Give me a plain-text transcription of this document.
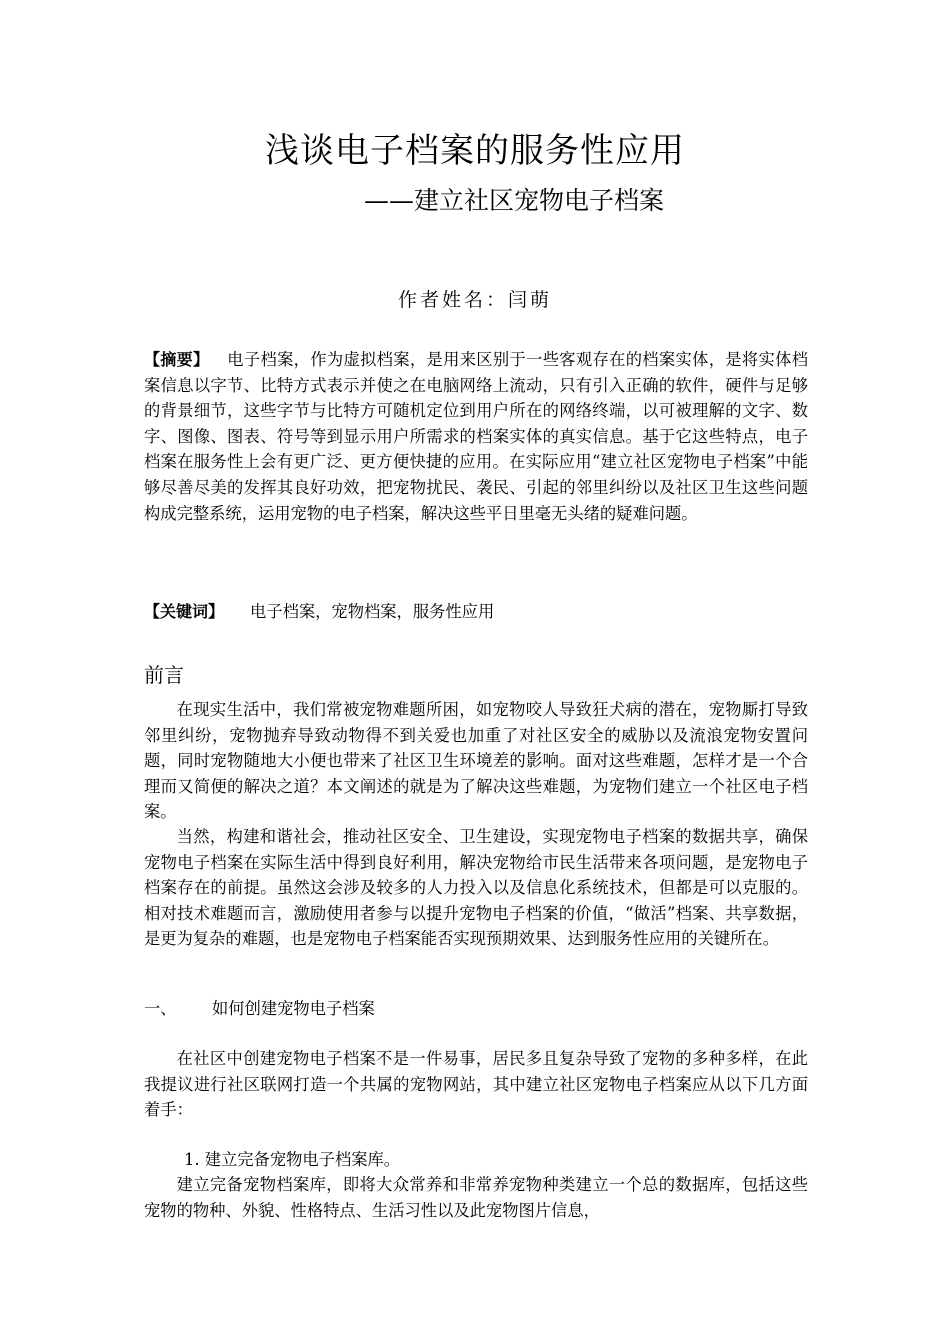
浅谈电子档案的服务性应用
——建立社区宠物电子档案
作者姓名：闫萌

【摘要】 电子档案，作为虚拟档案，是用来区别于一些客观存在的档案实体，是将实体档案信息以字节、比特方式表示并使之在电脑网络上流动，只有引入正确的软件，硬件与足够的背景细节，这些字节与比特方可随机定位到用户所在的网络终端，以可被理解的文字、数字、图像、图表、符号等到显示用户所需求的档案实体的真实信息。基于它这些特点，电子档案在服务性上会有更广泛、更方便快捷的应用。在实际应用“建立社区宠物电子档案”中能够尽善尽美的发挥其良好功效，把宠物扰民、袭民、引起的邻里纠纷以及社区卫生这些问题构成完整系统，运用宠物的电子档案，解决这些平日里毫无头绪的疑难问题。

【关键词】 电子档案，宠物档案，服务性应用

前言

在现实生活中，我们常被宠物难题所困，如宠物咬人导致狂犬病的潜在，宠物厮打导致邻里纠纷，宠物抛弃导致动物得不到关爱也加重了对社区安全的威胁以及流浪宠物安置问题，同时宠物随地大小便也带来了社区卫生环境差的影响。面对这些难题，怎样才是一个合理而又简便的解决之道？本文阐述的就是为了解决这些难题，为宠物们建立一个社区电子档案。

当然，构建和谐社会，推动社区安全、卫生建设，实现宠物电子档案的数据共享，确保宠物电子档案在实际生活中得到良好利用，解决宠物给市民生活带来各项问题，是宠物电子档案存在的前提。虽然这会涉及较多的人力投入以及信息化系统技术，但都是可以克服的。相对技术难题而言，激励使用者参与以提升宠物电子档案的价值，“做活”档案、共享数据，是更为复杂的难题，也是宠物电子档案能否实现预期效果、达到服务性应用的关键所在。

一、 如何创建宠物电子档案

在社区中创建宠物电子档案不是一件易事，居民多且复杂导致了宠物的多种多样，在此我提议进行社区联网打造一个共属的宠物网站，其中建立社区宠物电子档案应从以下几方面着手：

1. 建立完备宠物电子档案库。

建立完备宠物档案库，即将大众常养和非常养宠物种类建立一个总的数据库，包括这些宠物的物种、外貌、性格特点、生活习性以及此宠物图片信息，
